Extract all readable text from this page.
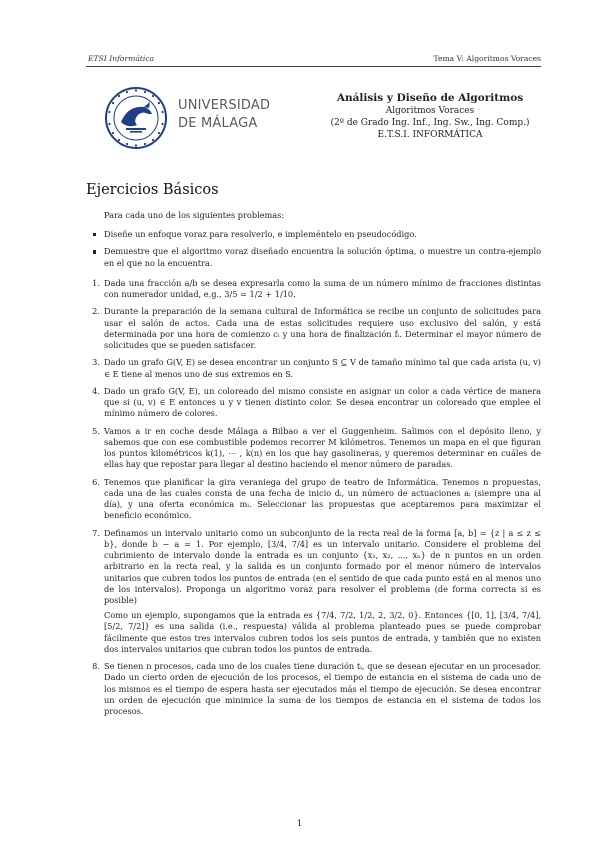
ETSI Informática	Tema V: Algoritmos Voraces
UNIVERSIDAD
DE MÁLAGA
Análisis y Diseño de Algoritmos
Algoritmos Voraces
(2º de Grado Ing. Inf., Ing. Sw., Ing. Comp.)
E.T.S.I. INFORMÁTICA
Ejercicios Básicos

Para cada uno de los siguientes problemas:

Diseñe un enfoque voraz para resolverlo, e impleméntelo en pseudocódigo.
Demuestre que el algoritmo voraz diseñado encuentra la solución óptima, o muestre un contra-ejemplo en el que no la encuentra.
1 . Dada una fracción a/b se desea expresarla como la suma de un número mínimo de fracciones distintas con numerador unidad, e.g., 3/5 = 1/2 + 1/10.

2 . Durante la preparación de la semana cultural de Informática se recibe un conjunto de solicitudes para usar el salón de actos. Cada una de estas solicitudes requiere uso exclusivo del salón, y está determinada por una hora de comienzo cᵢ y una hora de finalización fᵢ. Determinar el mayor número de solicitudes que se pueden satisfacer.

3 . Dado un grafo G(V, E) se desea encontrar un conjunto S ⊆ V de tamaño mínimo tal que cada arista (u, v) ∈ E tiene al menos uno de sus extremos en S.

4 . Dado un grafo G(V, E), un coloreado del mismo consiste en asignar un color a cada vértice de manera que si (u, v) ∈ E entonces u y v tienen distinto color. Se desea encontrar un coloreado que emplee el mínimo número de colores.

5 . Vamos a ir en coche desde Málaga a Bilbao a ver el Guggenheim. Salimos con el depósito lleno, y sabemos que con ese combustible podemos recorrer M kilómetros. Tenemos un mapa en el que figuran los puntos kilométricos k(1), ⋯ , k(n) en los que hay gasolineras, y queremos determinar en cuáles de ellas hay que repostar para llegar al destino haciendo el menor número de paradas.

6 . Tenemos que planificar la gira veraniega del grupo de teatro de Informática. Tenemos n propuestas, cada una de las cuales consta de una fecha de inicio dᵢ, un número de actuaciones aᵢ (siempre una al día), y una oferta económica mᵢ. Seleccionar las propuestas que aceptaremos para maximizar el beneficio económico.

7 . Definamos un intervalo unitario como un subconjunto de la recta real de la forma [a, b] = {z | a ≤ z ≤ b}, donde b − a = 1. Por ejemplo, [3/4, 7/4] es un intervalo unitario. Considere el problema del cubrimiento de intervalo donde la entrada es un conjunto {x₁, x₂, ..., xₙ} de n puntos en un orden arbitrario en la recta real, y la salida es un conjunto formado por el menor número de intervalos unitarios que cubren todos los puntos de entrada (en el sentido de que cada punto está en al menos uno de los intervalos). Proponga un algoritmo voraz para resolver el problema (de forma correcta si es posible)

Como un ejemplo, supongamos que la entrada es {7/4, 7/2, 1/2, 2, 3/2, 0}. Entonces {[0, 1], [3/4, 7/4], [5/2, 7/2]} es una salida (i.e., respuesta) válida al problema planteado pues se puede comprobar fácilmente que estos tres intervalos cubren todos los seis puntos de entrada, y también que no existen dos intervalos unitarios que cubran todos los puntos de entrada.

8 . Se tienen n procesos, cada uno de los cuales tiene duración tᵢ, que se desean ejecutar en un procesador. Dado un cierto orden de ejecución de los procesos, el tiempo de estancia en el sistema de cada uno de los mismos es el tiempo de espera hasta ser ejecutados más el tiempo de ejecución. Se desea encontrar un orden de ejecución que minimice la suma de los tiempos de estancia en el sistema de todos los procesos.

1
